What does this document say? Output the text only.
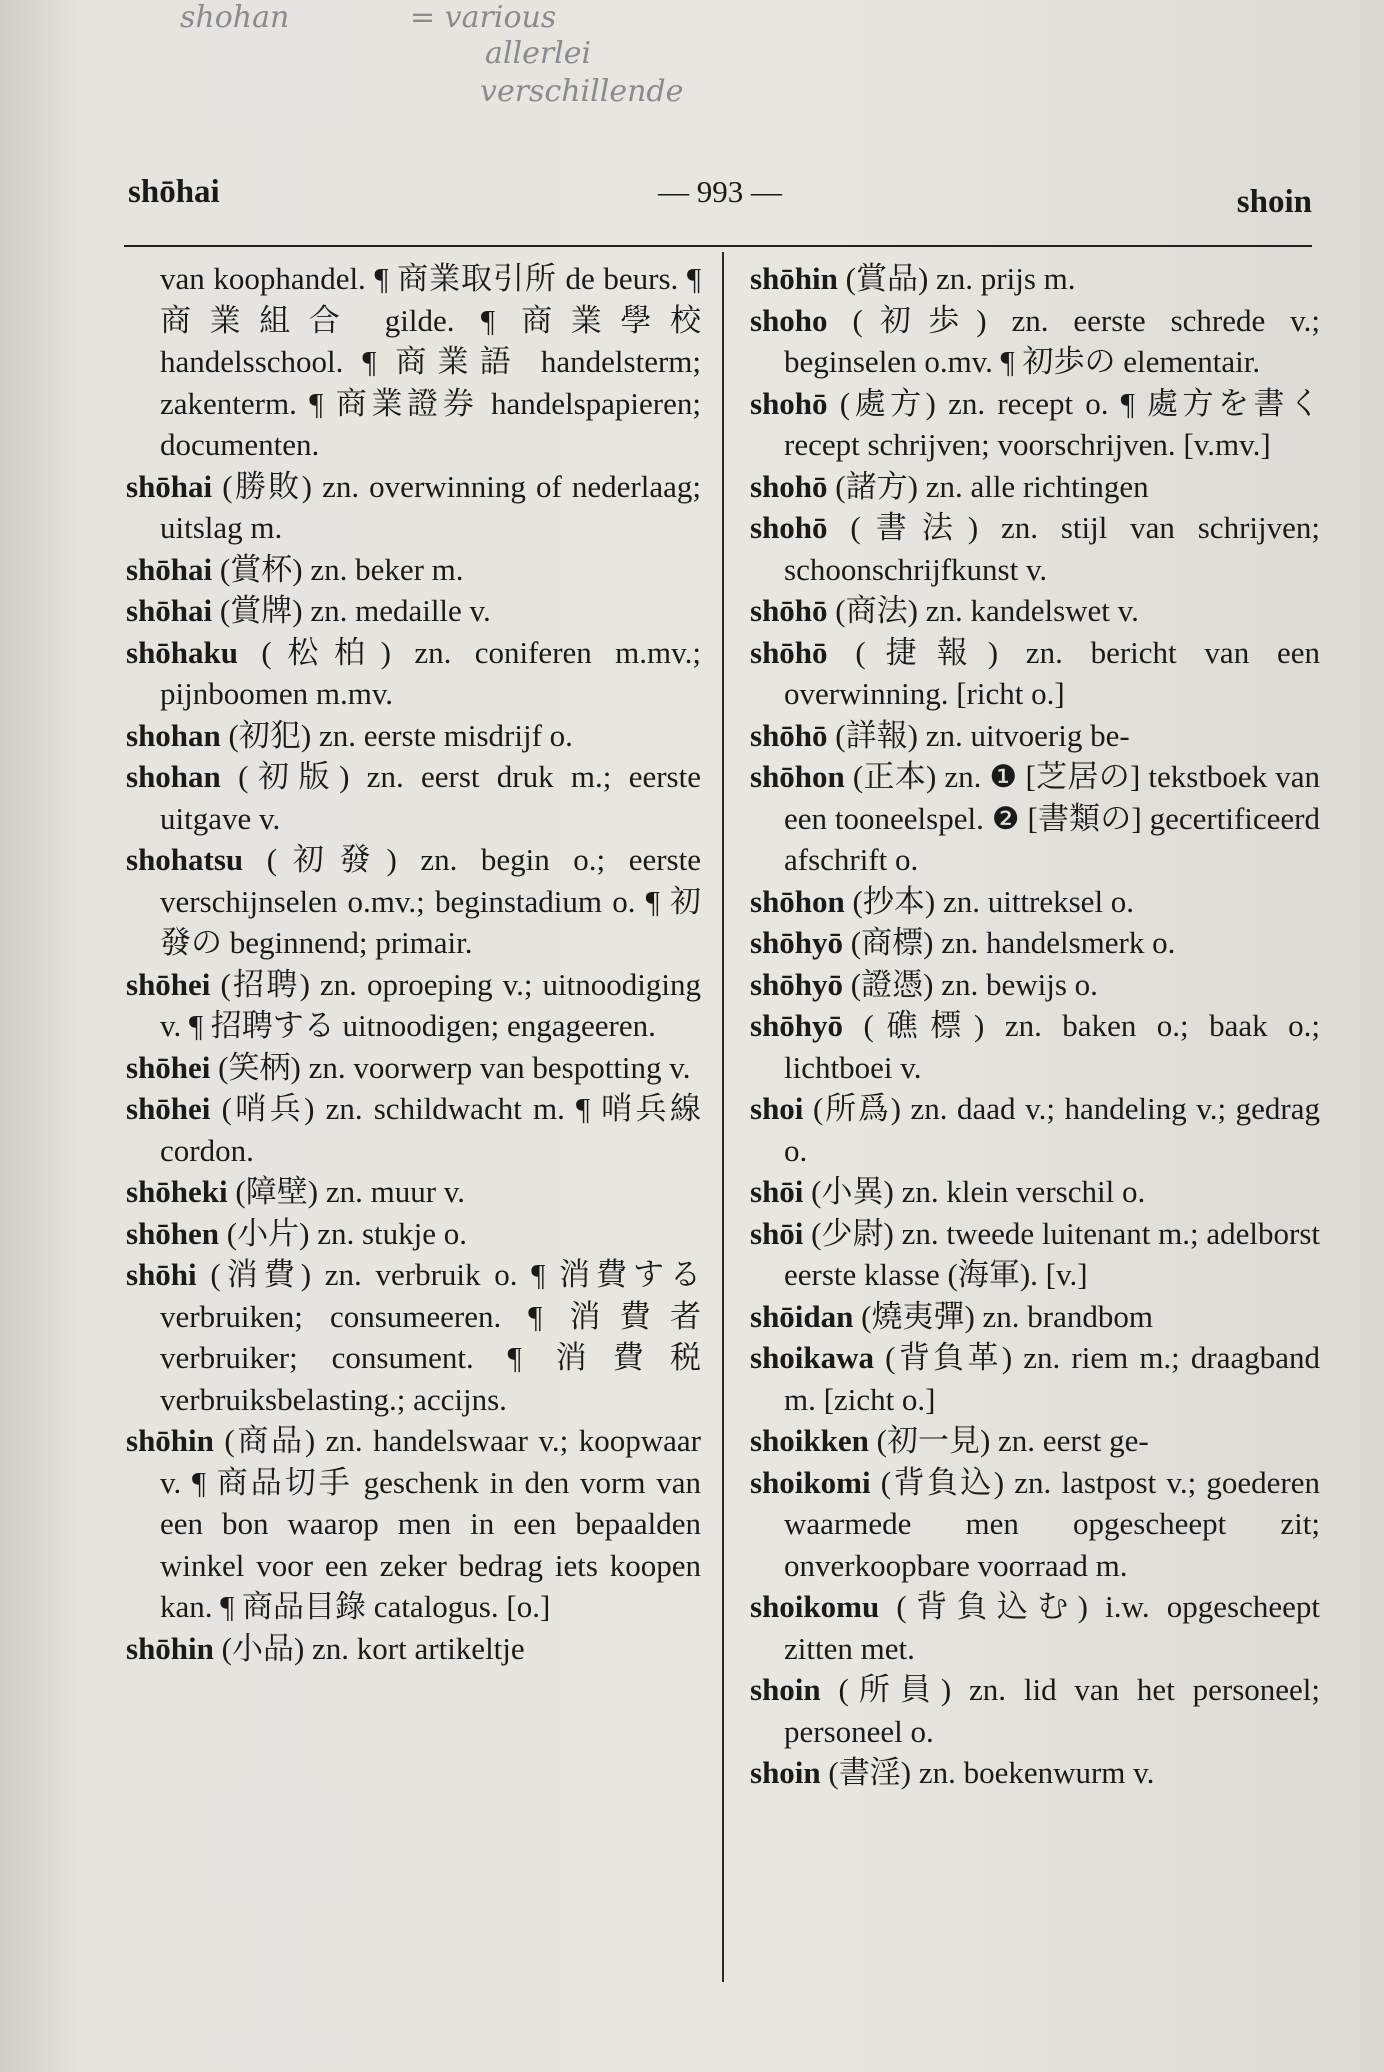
shohan	= various
allerlei
verschillende
shōhai	— 993 —	shoin

van koophandel. ¶ 商業取引所 de beurs. ¶ 商業組合 gilde. ¶ 商業學校 handelsschool. ¶ 商業語 handelsterm; zakenterm. ¶ 商業證券 handelspapieren; documenten.

shōhai (勝敗) zn. overwinning of nederlaag; uitslag m.

shōhai (賞杯) zn. beker m.

shōhai (賞牌) zn. medaille v.

shōhaku (松柏) zn. coniferen m.mv.; pijnboomen m.mv.

shohan (初犯) zn. eerste misdrijf o.

shohan (初版) zn. eerst druk m.; eerste uitgave v.

shohatsu (初發) zn. begin o.; eerste verschijnselen o.mv.; beginstadium o. ¶ 初發の beginnend; primair.

shōhei (招聘) zn. oproeping v.; uitnoodiging v. ¶ 招聘する uitnoodigen; engageeren.

shōhei (笑柄) zn. voorwerp van bespotting v.

shōhei (哨兵) zn. schildwacht m. ¶ 哨兵線 cordon.

shōheki (障壁) zn. muur v.

shōhen (小片) zn. stukje o.

shōhi (消費) zn. verbruik o. ¶ 消費する verbruiken; consumeeren. ¶ 消費者 verbruiker; consument. ¶ 消費税 verbruiksbelasting.; accijns.

shōhin (商品) zn. handelswaar v.; koopwaar v. ¶ 商品切手 geschenk in den vorm van een bon waarop men in een bepaalden winkel voor een zeker bedrag iets koopen kan. ¶ 商品目錄 catalogus. [o.]

shōhin (小品) zn. kort artikeltje

shōhin (賞品) zn. prijs m.

shoho (初歩) zn. eerste schrede v.; beginselen o.mv. ¶ 初歩の elementair.

shohō (處方) zn. recept o. ¶ 處方を書く recept schrijven; voorschrijven. [v.mv.]

shohō (諸方) zn. alle richtingen

shohō (書法) zn. stijl van schrijven; schoonschrijfkunst v.

shōhō (商法) zn. kandelswet v.

shōhō (捷報) zn. bericht van een overwinning. [richt o.]

shōhō (詳報) zn. uitvoerig be-

shōhon (正本) zn. ❶ [芝居の] tekstboek van een tooneelspel. ❷ [書類の] gecertificeerd afschrift o.

shōhon (抄本) zn. uittreksel o.

shōhyō (商標) zn. handelsmerk o.

shōhyō (證憑) zn. bewijs o.

shōhyō (礁標) zn. baken o.; baak o.; lichtboei v.

shoi (所爲) zn. daad v.; handeling v.; gedrag o.

shōi (小異) zn. klein verschil o.

shōi (少尉) zn. tweede luitenant m.; adelborst eerste klasse (海軍). [v.]

shōidan (燒夷彈) zn. brandbom

shoikawa (背負革) zn. riem m.; draagband m. [zicht o.]

shoikken (初一見) zn. eerst ge-

shoikomi (背負込) zn. lastpost v.; goederen waarmede men opgescheept zit; onverkoopbare voorraad m.

shoikomu (背負込む) i.w. opgescheept zitten met.

shoin (所員) zn. lid van het personeel; personeel o.

shoin (書淫) zn. boekenwurm v.
